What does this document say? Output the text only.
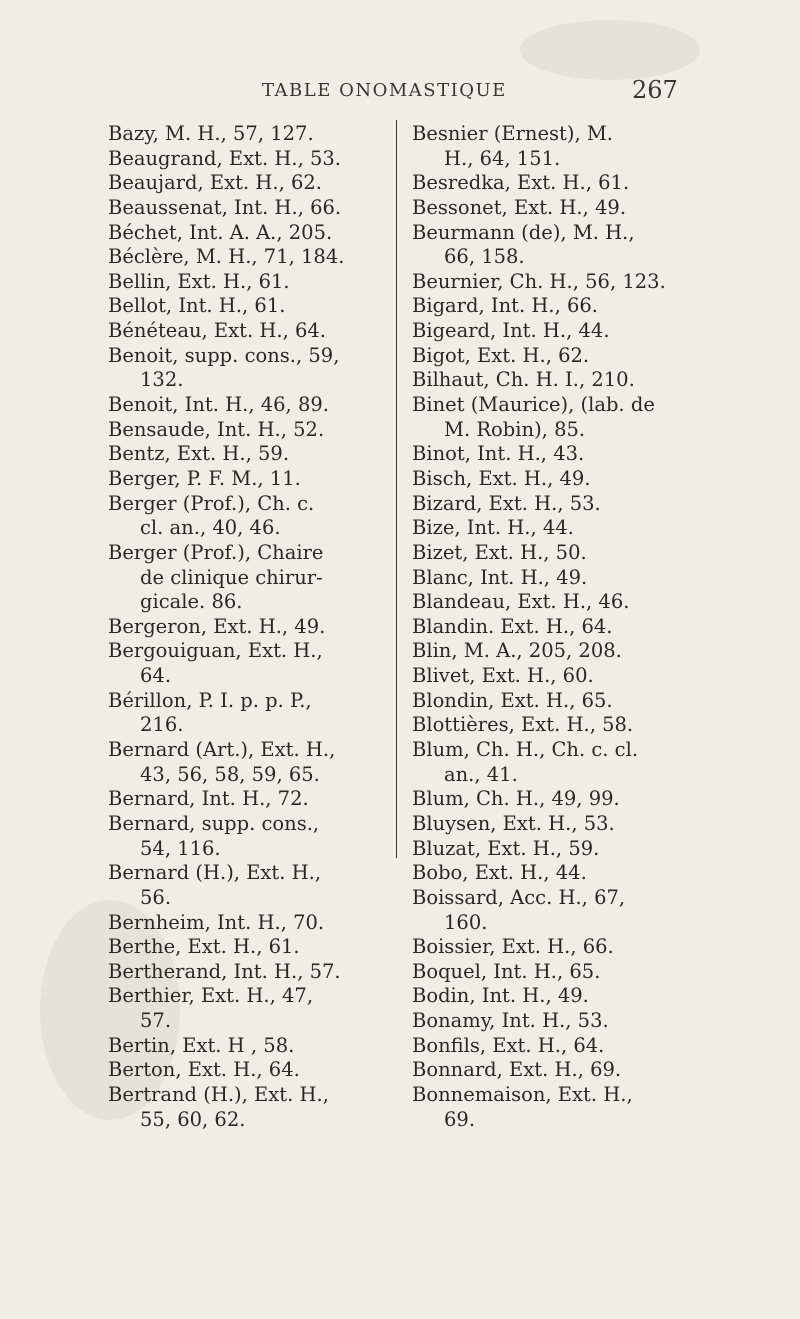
TABLE ONOMASTIQUE	267
Bazy, M. H., 57, 127.
Beaugrand, Ext. H., 53.
Beaujard, Ext. H., 62.
Beaussenat, Int. H., 66.
Béchet, Int. A. A., 205.
Béclère, M. H., 71, 184.
Bellin, Ext. H., 61.
Bellot, Int. H., 61.
Bénéteau, Ext. H., 64.
Benoit, supp. cons., 59,
132.
Benoit, Int. H., 46, 89.
Bensaude, Int. H., 52.
Bentz, Ext. H., 59.
Berger, P. F. M., 11.
Berger (Prof.), Ch. c.
cl. an., 40, 46.
Berger (Prof.), Chaire
de clinique chirur-
gicale. 86.
Bergeron, Ext. H., 49.
Bergouiguan, Ext. H.,
64.
Bérillon, P. I. p. p. P.,
216.
Bernard (Art.), Ext. H.,
43, 56, 58, 59, 65.
Bernard, Int. H., 72.
Bernard, supp. cons.,
54, 116.
Bernard (H.), Ext. H.,
56.
Bernheim, Int. H., 70.
Berthe, Ext. H., 61.
Bertherand, Int. H., 57.
Berthier, Ext. H., 47,
57.
Bertin, Ext. H , 58.
Berton, Ext. H., 64.
Bertrand (H.), Ext. H.,
55, 60, 62.
Besnier (Ernest), M.
H., 64, 151.
Besredka, Ext. H., 61.
Bessonet, Ext. H., 49.
Beurmann (de), M. H.,
66, 158.
Beurnier, Ch. H., 56, 123.
Bigard, Int. H., 66.
Bigeard, Int. H., 44.
Bigot, Ext. H., 62.
Bilhaut, Ch. H. I., 210.
Binet (Maurice), (lab. de
M. Robin), 85.
Binot, Int. H., 43.
Bisch, Ext. H., 49.
Bizard, Ext. H., 53.
Bize, Int. H., 44.
Bizet, Ext. H., 50.
Blanc, Int. H., 49.
Blandeau, Ext. H., 46.
Blandin. Ext. H., 64.
Blin, M. A., 205, 208.
Blivet, Ext. H., 60.
Blondin, Ext. H., 65.
Blottières, Ext. H., 58.
Blum, Ch. H., Ch. c. cl.
an., 41.
Blum, Ch. H., 49, 99.
Bluysen, Ext. H., 53.
Bluzat, Ext. H., 59.
Bobo, Ext. H., 44.
Boissard, Acc. H., 67,
160.
Boissier, Ext. H., 66.
Boquel, Int. H., 65.
Bodin, Int. H., 49.
Bonamy, Int. H., 53.
Bonfils, Ext. H., 64.
Bonnard, Ext. H., 69.
Bonnemaison, Ext. H.,
69.
